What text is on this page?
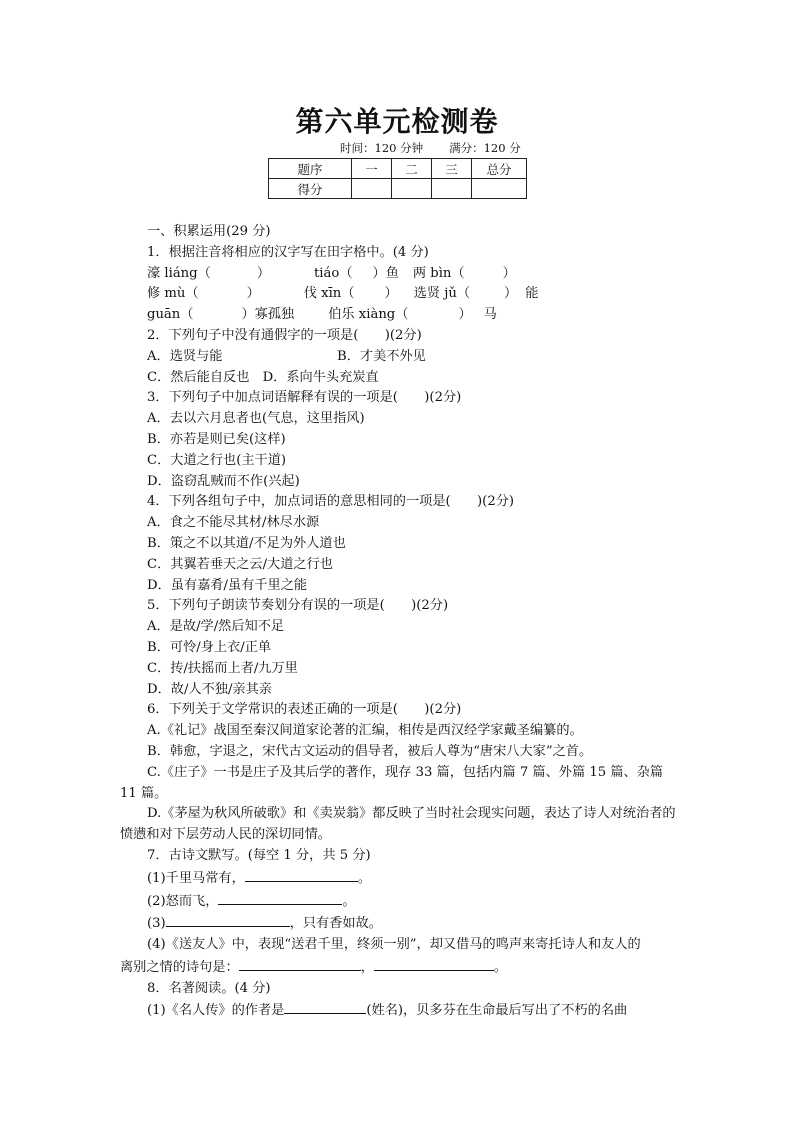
第六单元检测卷
时间：120 分钟 满分：120 分
题序	一	二	三	总分
得分				
一、积累运用(29 分)
1．根据注音将相应的汉字写在田字格中。(4 分)
濠 liáng（	）	tiáo（ ）鱼 两 bìn（	）
修 mù（	）	伐 xīn（ ） 选贤 jǔ（	） 能
guān（	）寡孤独	伯乐 xiàng（	） 马
2．下列句子中没有通假字的一项是(　　)(2分)
A．选贤与能	B．才美不外见
C．然后能自反也　D．系向牛头充炭直
3．下列句子中加点词语解释有误的一项是(　　)(2分)
A．去以六月息者也(气息，这里指风)
B．亦若是则已矣(这样)
C．大道之行也(主干道)
D．盗窃乱贼而不作(兴起)
4．下列各组句子中，加点词语的意思相同的一项是(　　)(2分)
A．食之不能尽其材/林尽水源
B．策之不以其道/不足为外人道也
C．其翼若垂天之云/大道之行也
D．虽有嘉肴/虽有千里之能
5．下列句子朗读节奏划分有误的一项是(　　)(2分)
A．是故/学/然后知不足
B．可怜/身上衣/正单
C．抟/扶摇而上者/九万里
D．故/人不独/亲其亲
6．下列关于文学常识的表述正确的一项是(　　)(2分)
A.《礼记》战国至秦汉间道家论著的汇编，相传是西汉经学家戴圣编纂的。
B．韩愈，字退之，宋代古文运动的倡导者，被后人尊为“唐宋八大家”之首。
C.《庄子》一书是庄子及其后学的著作，现存 33 篇，包括内篇 7 篇、外篇 15 篇、杂篇 11 篇。
D.《茅屋为秋风所破歌》和《卖炭翁》都反映了当时社会现实问题，表达了诗人对统治者的愤懑和对下层劳动人民的深切同情。
7．古诗文默写。(每空 1 分，共 5 分)
(1)千里马常有，	。
(2)怒而飞，	。
(3)	，只有香如故。
(4)《送友人》中，表现“送君千里，终须一别”，却又借马的鸣声来寄托诗人和友人的
离别之情的诗句是：	，	。
8．名著阅读。(4 分)
(1)《名人传》的作者是	(姓名)，贝多芬在生命最后写出了不朽的名曲
